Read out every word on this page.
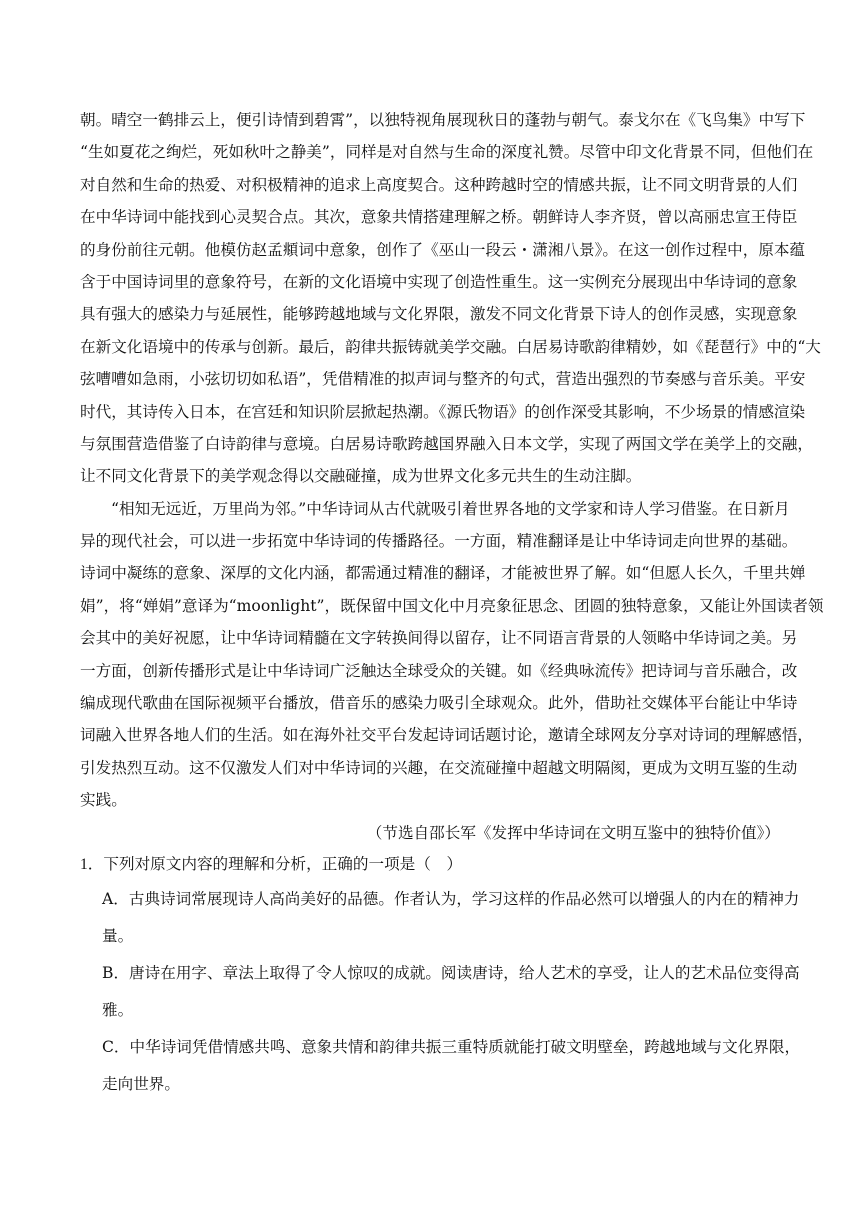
朝。晴空一鹤排云上，便引诗情到碧霄”，以独特视角展现秋日的蓬勃与朝气。泰戈尔在《飞鸟集》中写下
“生如夏花之绚烂，死如秋叶之静美”，同样是对自然与生命的深度礼赞。尽管中印文化背景不同，但他们在
对自然和生命的热爱、对积极精神的追求上高度契合。这种跨越时空的情感共振，让不同文明背景的人们
在中华诗词中能找到心灵契合点。其次，意象共情搭建理解之桥。朝鲜诗人李齐贤，曾以高丽忠宣王侍臣
的身份前往元朝。他模仿赵孟頫词中意象，创作了《巫山一段云・潇湘八景》。在这一创作过程中，原本蕴
含于中国诗词里的意象符号，在新的文化语境中实现了创造性重生。这一实例充分展现出中华诗词的意象
具有强大的感染力与延展性，能够跨越地域与文化界限，激发不同文化背景下诗人的创作灵感，实现意象
在新文化语境中的传承与创新。最后，韵律共振铸就美学交融。白居易诗歌韵律精妙，如《琵琶行》中的“大
弦嘈嘈如急雨，小弦切切如私语”，凭借精准的拟声词与整齐的句式，营造出强烈的节奏感与音乐美。平安
时代，其诗传入日本，在宫廷和知识阶层掀起热潮。《源氏物语》的创作深受其影响，不少场景的情感渲染
与氛围营造借鉴了白诗韵律与意境。白居易诗歌跨越国界融入日本文学，实现了两国文学在美学上的交融，
让不同文化背景下的美学观念得以交融碰撞，成为世界文化多元共生的生动注脚。
“相知无远近，万里尚为邻。”中华诗词从古代就吸引着世界各地的文学家和诗人学习借鉴。在日新月
异的现代社会，可以进一步拓宽中华诗词的传播路径。一方面，精准翻译是让中华诗词走向世界的基础。
诗词中凝练的意象、深厚的文化内涵，都需通过精准的翻译，才能被世界了解。如“但愿人长久，千里共婵
娟”，将“婵娟”意译为“moonlight”，既保留中国文化中月亮象征思念、团圆的独特意象，又能让外国读者领
会其中的美好祝愿，让中华诗词精髓在文字转换间得以留存，让不同语言背景的人领略中华诗词之美。另
一方面，创新传播形式是让中华诗词广泛触达全球受众的关键。如《经典咏流传》把诗词与音乐融合，改
编成现代歌曲在国际视频平台播放，借音乐的感染力吸引全球观众。此外，借助社交媒体平台能让中华诗
词融入世界各地人们的生活。如在海外社交平台发起诗词话题讨论，邀请全球网友分享对诗词的理解感悟，
引发热烈互动。这不仅激发人们对中华诗词的兴趣，在交流碰撞中超越文明隔阂，更成为文明互鉴的生动
实践。
（节选自邵长军《发挥中华诗词在文明互鉴中的独特价值》）
1．下列对原文内容的理解和分析，正确的一项是（　）
A．古典诗词常展现诗人高尚美好的品德。作者认为，学习这样的作品必然可以增强人的内在的精神力
量。
B．唐诗在用字、章法上取得了令人惊叹的成就。阅读唐诗，给人艺术的享受，让人的艺术品位变得高
雅。
C．中华诗词凭借情感共鸣、意象共情和韵律共振三重特质就能打破文明壁垒，跨越地域与文化界限，
走向世界。
